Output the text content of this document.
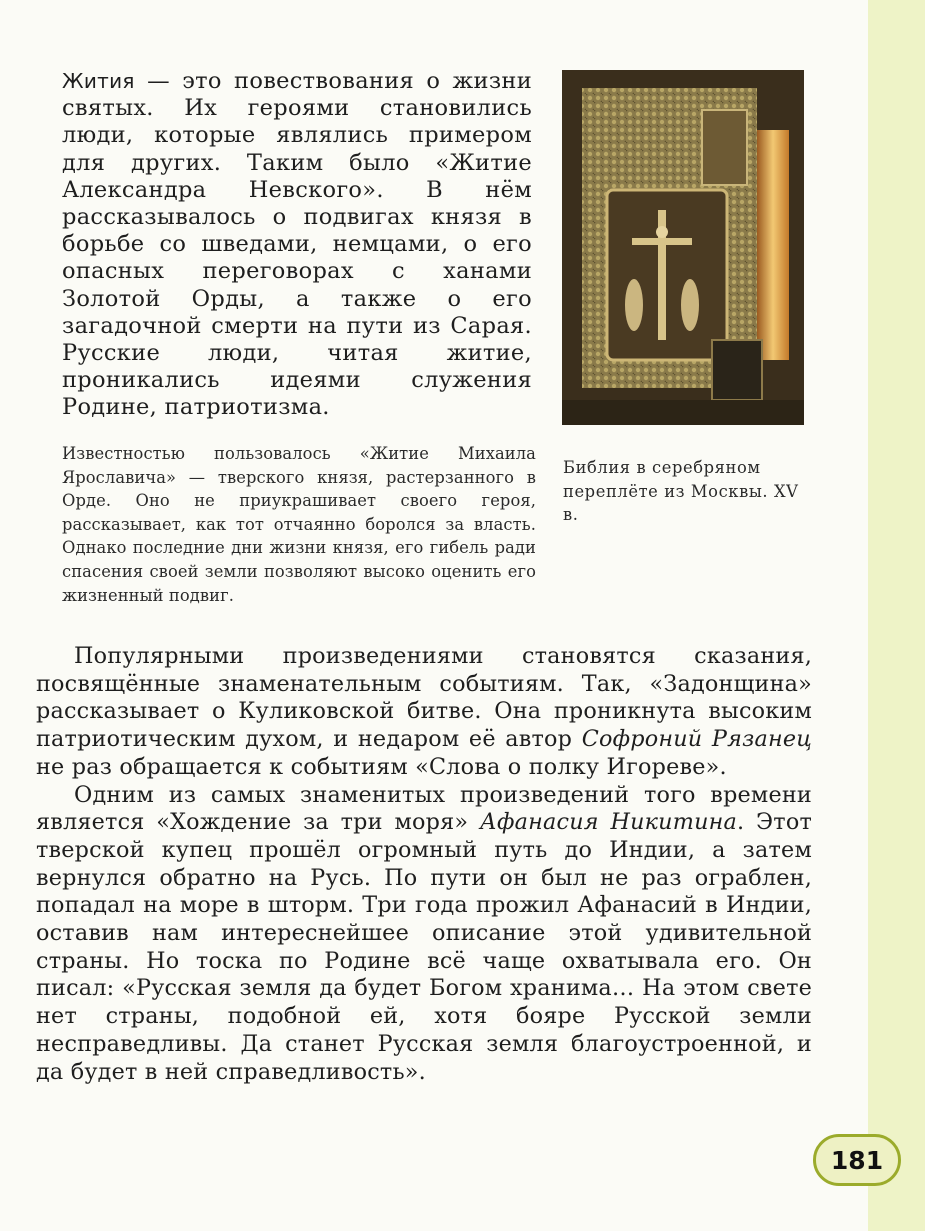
Жития — это повествования о жизни святых. Их героями становились люди, которые являлись примером для других. Таким было «Житие Александра Невского». В нём рассказывалось о подвигах князя в борьбе со шведами, немцами, о его опасных переговорах с ханами Золотой Орды, а также о его загадочной смерти на пути из Сарая. Русские люди, читая житие, проникались идеями служения Родине, патриотизма.

Библия в серебряном переплёте из Москвы. XV в.

Известностью пользовалось «Житие Михаила Ярославича» — тверского князя, растерзанного в Орде. Оно не приукрашивает своего героя, рассказывает, как тот отчаянно боролся за власть. Однако последние дни жизни князя, его гибель ради спасения своей земли позволяют высоко оценить его жизненный подвиг.

Популярными произведениями становятся сказания, посвящённые знаменательным событиям. Так, «Задонщина» рассказывает о Куликовской битве. Она проникнута высоким патриотическим духом, и недаром её автор Софроний Рязанец не раз обращается к событиям «Слова о полку Игореве».

Одним из самых знаменитых произведений того времени является «Хождение за три моря» Афанасия Никитина. Этот тверской купец прошёл огромный путь до Индии, а затем вернулся обратно на Русь. По пути он был не раз ограблен, попадал на море в шторм. Три года прожил Афанасий в Индии, оставив нам интереснейшее описание этой удивительной страны. Но тоска по Родине всё чаще охватывала его. Он писал: «Русская земля да будет Богом хранима… На этом свете нет страны, подобной ей, хотя бояре Русской земли несправедливы. Да станет Русская земля благоустроенной, и да будет в ней справедливость».

181
